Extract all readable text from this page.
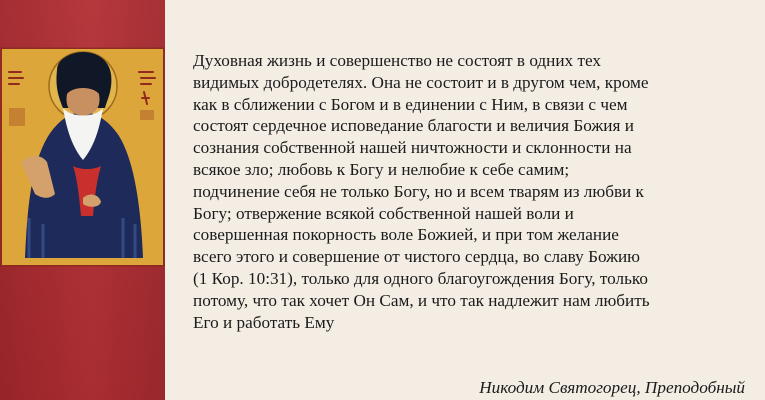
Духовная жизнь и совершенство не состоят в одних тех
видимых добродетелях. Она не состоит и в другом чем, кроме
как в сближении с Богом и в единении с Ним, в связи с чем
состоят сердечное исповедание благости и величия Божия и
сознания собственной нашей ничтожности и склонности на
всякое зло; любовь к Богу и нелюбие к себе самим;
подчинение себя не только Богу, но и всем тварям из любви к
Богу; отвержение всякой собственной нашей воли и
совершенная покорность воле Божией, и при том желание
всего этого и совершение от чистого сердца, во славу Божию
(1 Кор. 10:31), только для одного благоугождения Богу, только
потому, что так хочет Он Сам, и что так надлежит нам любить
Его и работать Ему

Никодим Святогорец, Преподобный
